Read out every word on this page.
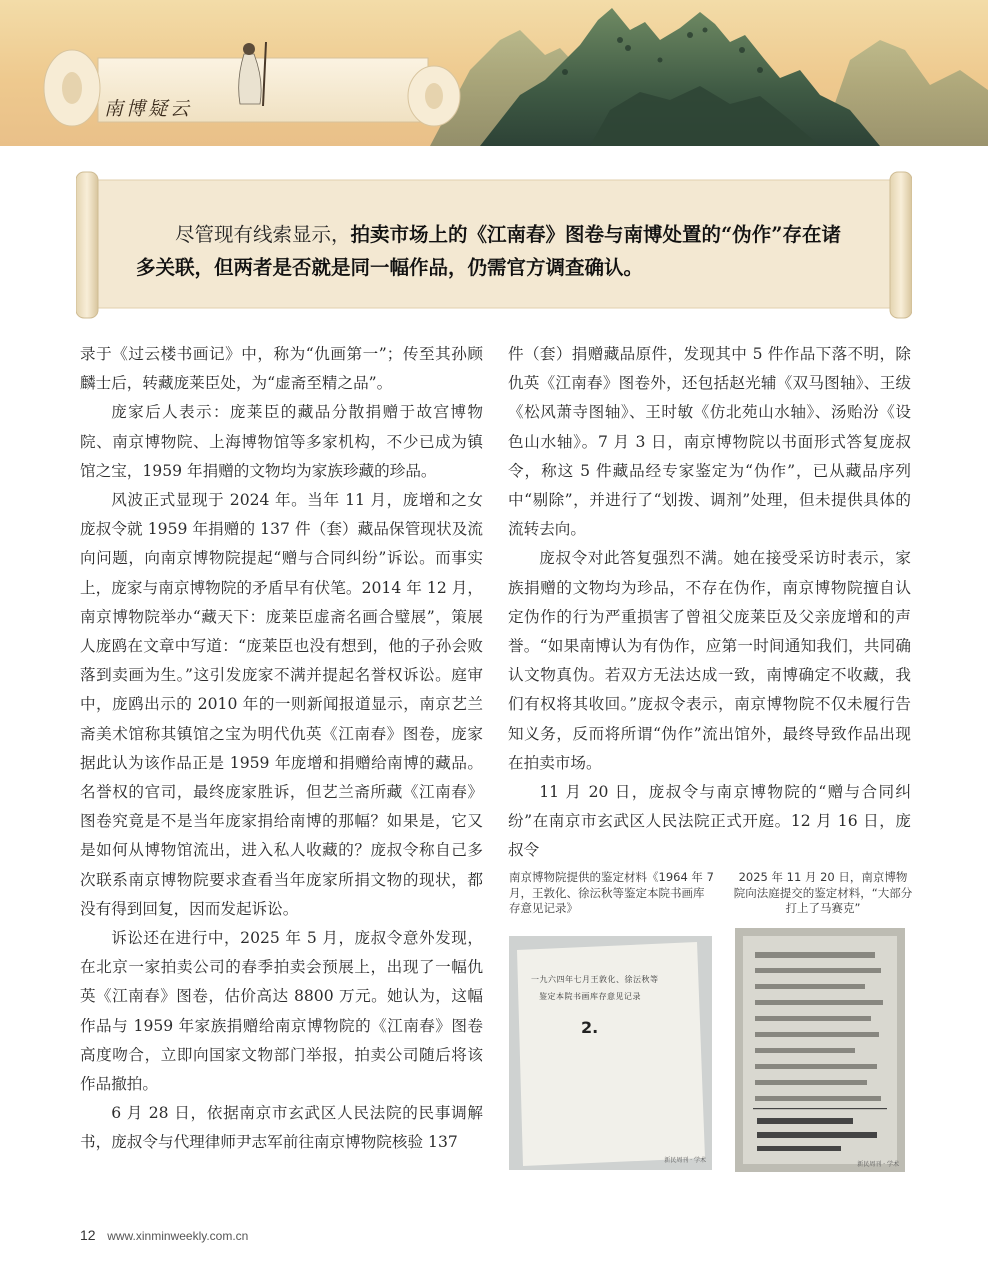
南博疑云
尽管现有线索显示，拍卖市场上的《江南春》图卷与南博处置的“伪作”存在诸多关联，但两者是否就是同一幅作品，仍需官方调查确认。

录于《过云楼书画记》中，称为“仇画第一”；传至其孙顾麟士后，转藏庞莱臣处，为“虚斋至精之品”。

庞家后人表示：庞莱臣的藏品分散捐赠于故宫博物院、南京博物院、上海博物馆等多家机构，不少已成为镇馆之宝，1959 年捐赠的文物均为家族珍藏的珍品。

风波正式显现于 2024 年。当年 11 月，庞增和之女庞叔令就 1959 年捐赠的 137 件（套）藏品保管现状及流向问题，向南京博物院提起“赠与合同纠纷”诉讼。而事实上，庞家与南京博物院的矛盾早有伏笔。2014 年 12 月，南京博物院举办“藏天下：庞莱臣虚斋名画合璧展”，策展人庞鸥在文章中写道：“庞莱臣也没有想到，他的子孙会败落到卖画为生。”这引发庞家不满并提起名誉权诉讼。庭审中，庞鸥出示的 2010 年的一则新闻报道显示，南京艺兰斋美术馆称其镇馆之宝为明代仇英《江南春》图卷，庞家据此认为该作品正是 1959 年庞增和捐赠给南博的藏品。名誉权的官司，最终庞家胜诉，但艺兰斋所藏《江南春》图卷究竟是不是当年庞家捐给南博的那幅？如果是，它又是如何从博物馆流出，进入私人收藏的？庞叔令称自己多次联系南京博物院要求查看当年庞家所捐文物的现状，都没有得到回复，因而发起诉讼。

诉讼还在进行中，2025 年 5 月，庞叔令意外发现，在北京一家拍卖公司的春季拍卖会预展上，出现了一幅仇英《江南春》图卷，估价高达 8800 万元。她认为，这幅作品与 1959 年家族捐赠给南京博物院的《江南春》图卷高度吻合，立即向国家文物部门举报，拍卖公司随后将该作品撤拍。

6 月 28 日，依据南京市玄武区人民法院的民事调解书，庞叔令与代理律师尹志军前往南京博物院核验 137

件（套）捐赠藏品原件，发现其中 5 件作品下落不明，除仇英《江南春》图卷外，还包括赵光辅《双马图轴》、王绂《松风萧寺图轴》、王时敏《仿北苑山水轴》、汤贻汾《设色山水轴》。7 月 3 日，南京博物院以书面形式答复庞叔令，称这 5 件藏品经专家鉴定为“伪作”，已从藏品序列中“剔除”，并进行了“划拨、调剂”处理，但未提供具体的流转去向。

庞叔令对此答复强烈不满。她在接受采访时表示，家族捐赠的文物均为珍品，不存在伪作，南京博物院擅自认定伪作的行为严重损害了曾祖父庞莱臣及父亲庞增和的声誉。“如果南博认为有伪作，应第一时间通知我们，共同确认文物真伪。若双方无法达成一致，南博确定不收藏，我们有权将其收回。”庞叔令表示，南京博物院不仅未履行告知义务，反而将所谓“伪作”流出馆外，最终导致作品出现在拍卖市场。

11 月 20 日，庞叔令与南京博物院的“赠与合同纠纷”在南京市玄武区人民法院正式开庭。12 月 16 日，庞叔令

南京博物院提供的鉴定材料《1964 年 7 月，王敦化、徐沄秋等鉴定本院书画库存意见记录》
2025 年 11 月 20 日，南京博物院向法庭提交的鉴定材料，“大部分打上了马赛克”
一九六四年七月王敦化、徐沄秋等
鉴定本院书画库存意见记录
2.
新民周刊 · 学术
新民周刊 · 学术
12 www.xinminweekly.com.cn
